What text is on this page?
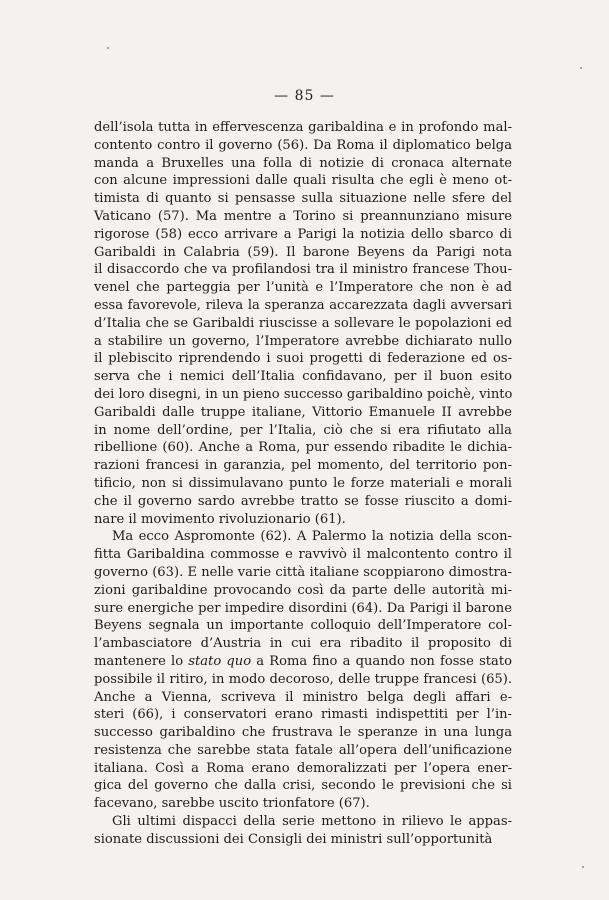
— 85 —

dell’isola tutta in effervescenza garibaldina e in profondo mal-
contento contro il governo (56). Da Roma il diplomatico belga
manda a Bruxelles una folla di notizie di cronaca alternate
con alcune impressioni dalle quali risulta che egli è meno ot-
timista di quanto si pensasse sulla situazione nelle sfere del
Vaticano (57). Ma mentre a Torino si preannunziano misure
rigorose (58) ecco arrivare a Parigi la notizia dello sbarco di
Garibaldi in Calabria (59). Il barone Beyens da Parigi nota
il disaccordo che va profilandosi tra il ministro francese Thou-
venel che parteggia per l’unità e l’Imperatore che non è ad
essa favorevole, rileva la speranza accarezzata dagli avversari
d’Italia che se Garibaldi riuscisse a sollevare le popolazioni ed
a stabilire un governo, l’Imperatore avrebbe dichiarato nullo
il plebiscito riprendendo i suoi progetti di federazione ed os-
serva che i nemici dell’Italia confidavano, per il buon esito
dei loro disegni, in un pieno successo garibaldino poichè, vinto
Garibaldi dalle truppe italiane, Vittorio Emanuele II avrebbe
in nome dell’ordine, per l’Italia, ciò che si era rifiutato alla
ribellione (60). Anche a Roma, pur essendo ribadite le dichia-
razioni francesi in garanzia, pel momento, del territorio pon-
tificio, non si dissimulavano punto le forze materiali e morali
che il governo sardo avrebbe tratto se fosse riuscito a domi-
nare il movimento rivoluzionario (61).

Ma ecco Aspromonte (62). A Palermo la notizia della scon-
fitta Garibaldina commosse e ravvivò il malcontento contro il
governo (63). E nelle varie città italiane scoppiarono dimostra-
zioni garibaldine provocando così da parte delle autorità mi-
sure energiche per impedire disordini (64). Da Parigi il barone
Beyens segnala un importante colloquio dell’Imperatore col-
l’ambasciatore d’Austria in cui era ribadito il proposito di
mantenere lo stato quo a Roma fino a quando non fosse stato
possibile il ritiro, in modo decoroso, delle truppe francesi (65).
Anche a Vienna, scriveva il ministro belga degli affari e-
steri (66), i conservatori erano rimasti indispettiti per l’in-
successo garibaldino che frustrava le speranze in una lunga
resistenza che sarebbe stata fatale all’opera dell’unificazione
italiana. Così a Roma erano demoralizzati per l’opera ener-
gica del governo che dalla crisi, secondo le previsioni che si
facevano, sarebbe uscito trionfatore (67).

Gli ultimi dispacci della serie mettono in rilievo le appas-
sionate discussioni dei Consigli dei ministri sull’opportunità
